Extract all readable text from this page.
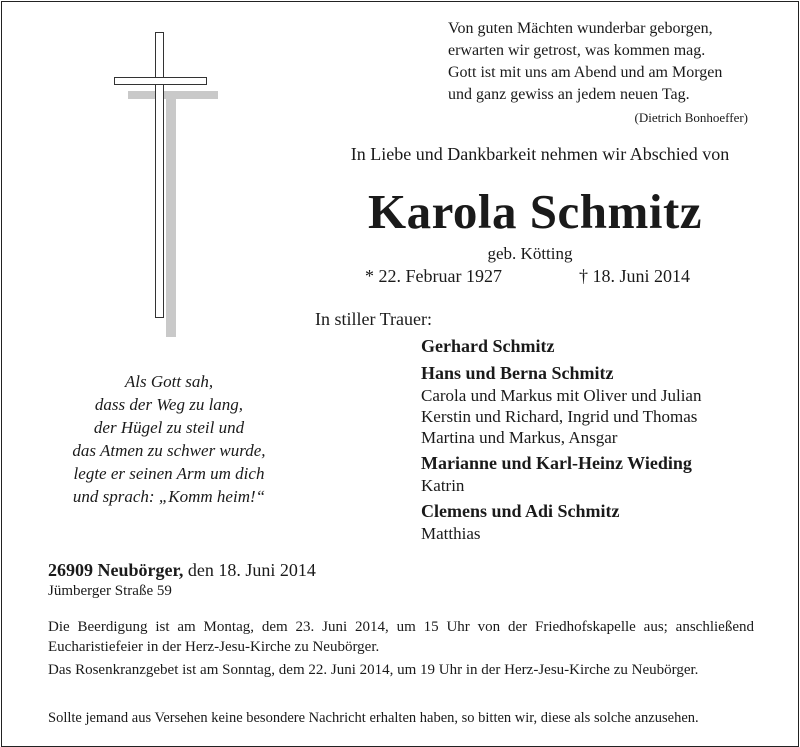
Von guten Mächten wunderbar geborgen,
erwarten wir getrost, was kommen mag.
Gott ist mit uns am Abend und am Morgen
und ganz gewiss an jedem neuen Tag.
(Dietrich Bonhoeffer)
In Liebe und Dankbarkeit nehmen wir Abschied von
Karola Schmitz
geb. Kötting
* 22. Februar 1927	† 18. Juni 2014
Als Gott sah,
dass der Weg zu lang,
der Hügel zu steil und
das Atmen zu schwer wurde,
legte er seinen Arm um dich
und sprach: „Komm heim!“
In stiller Trauer:
Gerhard Schmitz
Hans und Berna Schmitz
Carola und Markus mit Oliver und Julian
Kerstin und Richard, Ingrid und Thomas
Martina und Markus, Ansgar
Marianne und Karl-Heinz Wieding
Katrin
Clemens und Adi Schmitz
Matthias
26909 Neubörger, den 18. Juni 2014
Jümberger Straße 59
Die Beerdigung ist am Montag, dem 23. Juni 2014, um 15 Uhr von der Friedhofskapelle aus; anschließend Eucharistiefeier in der Herz-Jesu-Kirche zu Neubörger.
Das Rosenkranzgebet ist am Sonntag, dem 22. Juni 2014, um 19 Uhr in der Herz-Jesu-Kirche zu Neubörger.
Sollte jemand aus Versehen keine besondere Nachricht erhalten haben, so bitten wir, diese als solche anzusehen.
